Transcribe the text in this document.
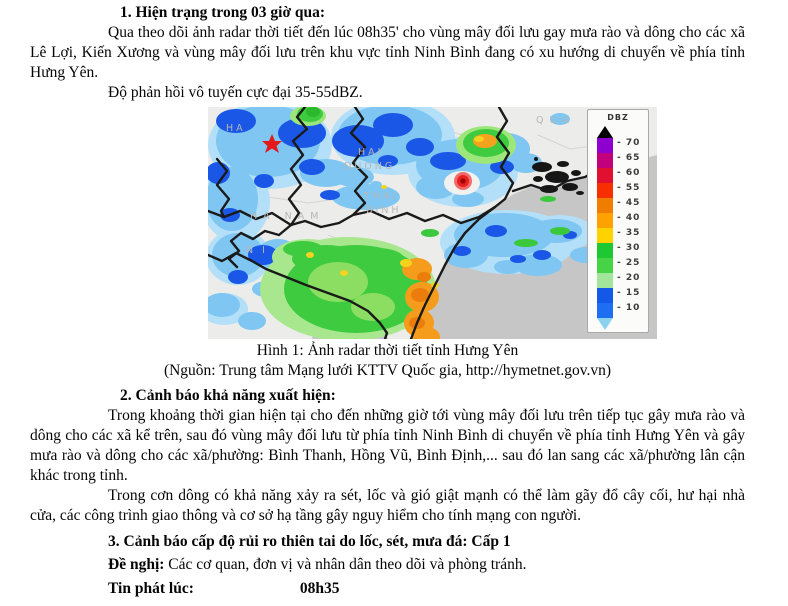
1. Hiện trạng trong 03 giờ qua:

Qua theo dõi ảnh radar thời tiết đến lúc 08h35' cho vùng mây đối lưu gay mưa rào và dông cho các xã Lê Lợi, Kiến Xương và vùng mây đối lưu trên khu vực tỉnh Ninh Bình đang có xu hướng di chuyển về phía tỉnh Hưng Yên.

Độ phản hồi vô tuyến cực đại 35-55dBZ.

HA
HAI
DUONG
QUA
HA NAM
THAI
BINH
N I
DBZ
- 70
- 65
- 60
- 55
- 45
- 40
- 35
- 30
- 25
- 20
- 15
- 10

Hình 1: Ảnh radar thời tiết tỉnh Hưng Yên

(Nguồn: Trung tâm Mạng lưới KTTV Quốc gia, http://hymetnet.gov.vn)

2. Cảnh báo khả năng xuất hiện:

Trong khoảng thời gian hiện tại cho đến những giờ tới vùng mây đối lưu trên tiếp tục gây mưa rào và dông cho các xã kể trên, sau đó vùng mây đối lưu từ phía tỉnh Ninh Bình di chuyển về phía tỉnh Hưng Yên và gây mưa rào và dông cho các xã/phường: Bình Thanh, Hồng Vũ, Bình Định,... sau đó lan sang các xã/phường lân cận khác trong tỉnh.

Trong cơn dông có khả năng xảy ra sét, lốc và gió giật mạnh có thể làm gãy đổ cây cối, hư hại nhà cửa, các công trình giao thông và cơ sở hạ tầng gây nguy hiểm cho tính mạng con người.

3. Cảnh báo cấp độ rủi ro thiên tai do lốc, sét, mưa đá: Cấp 1

Đề nghị: Các cơ quan, đơn vị và nhân dân theo dõi và phòng tránh.

Tin phát lúc:	08h35
